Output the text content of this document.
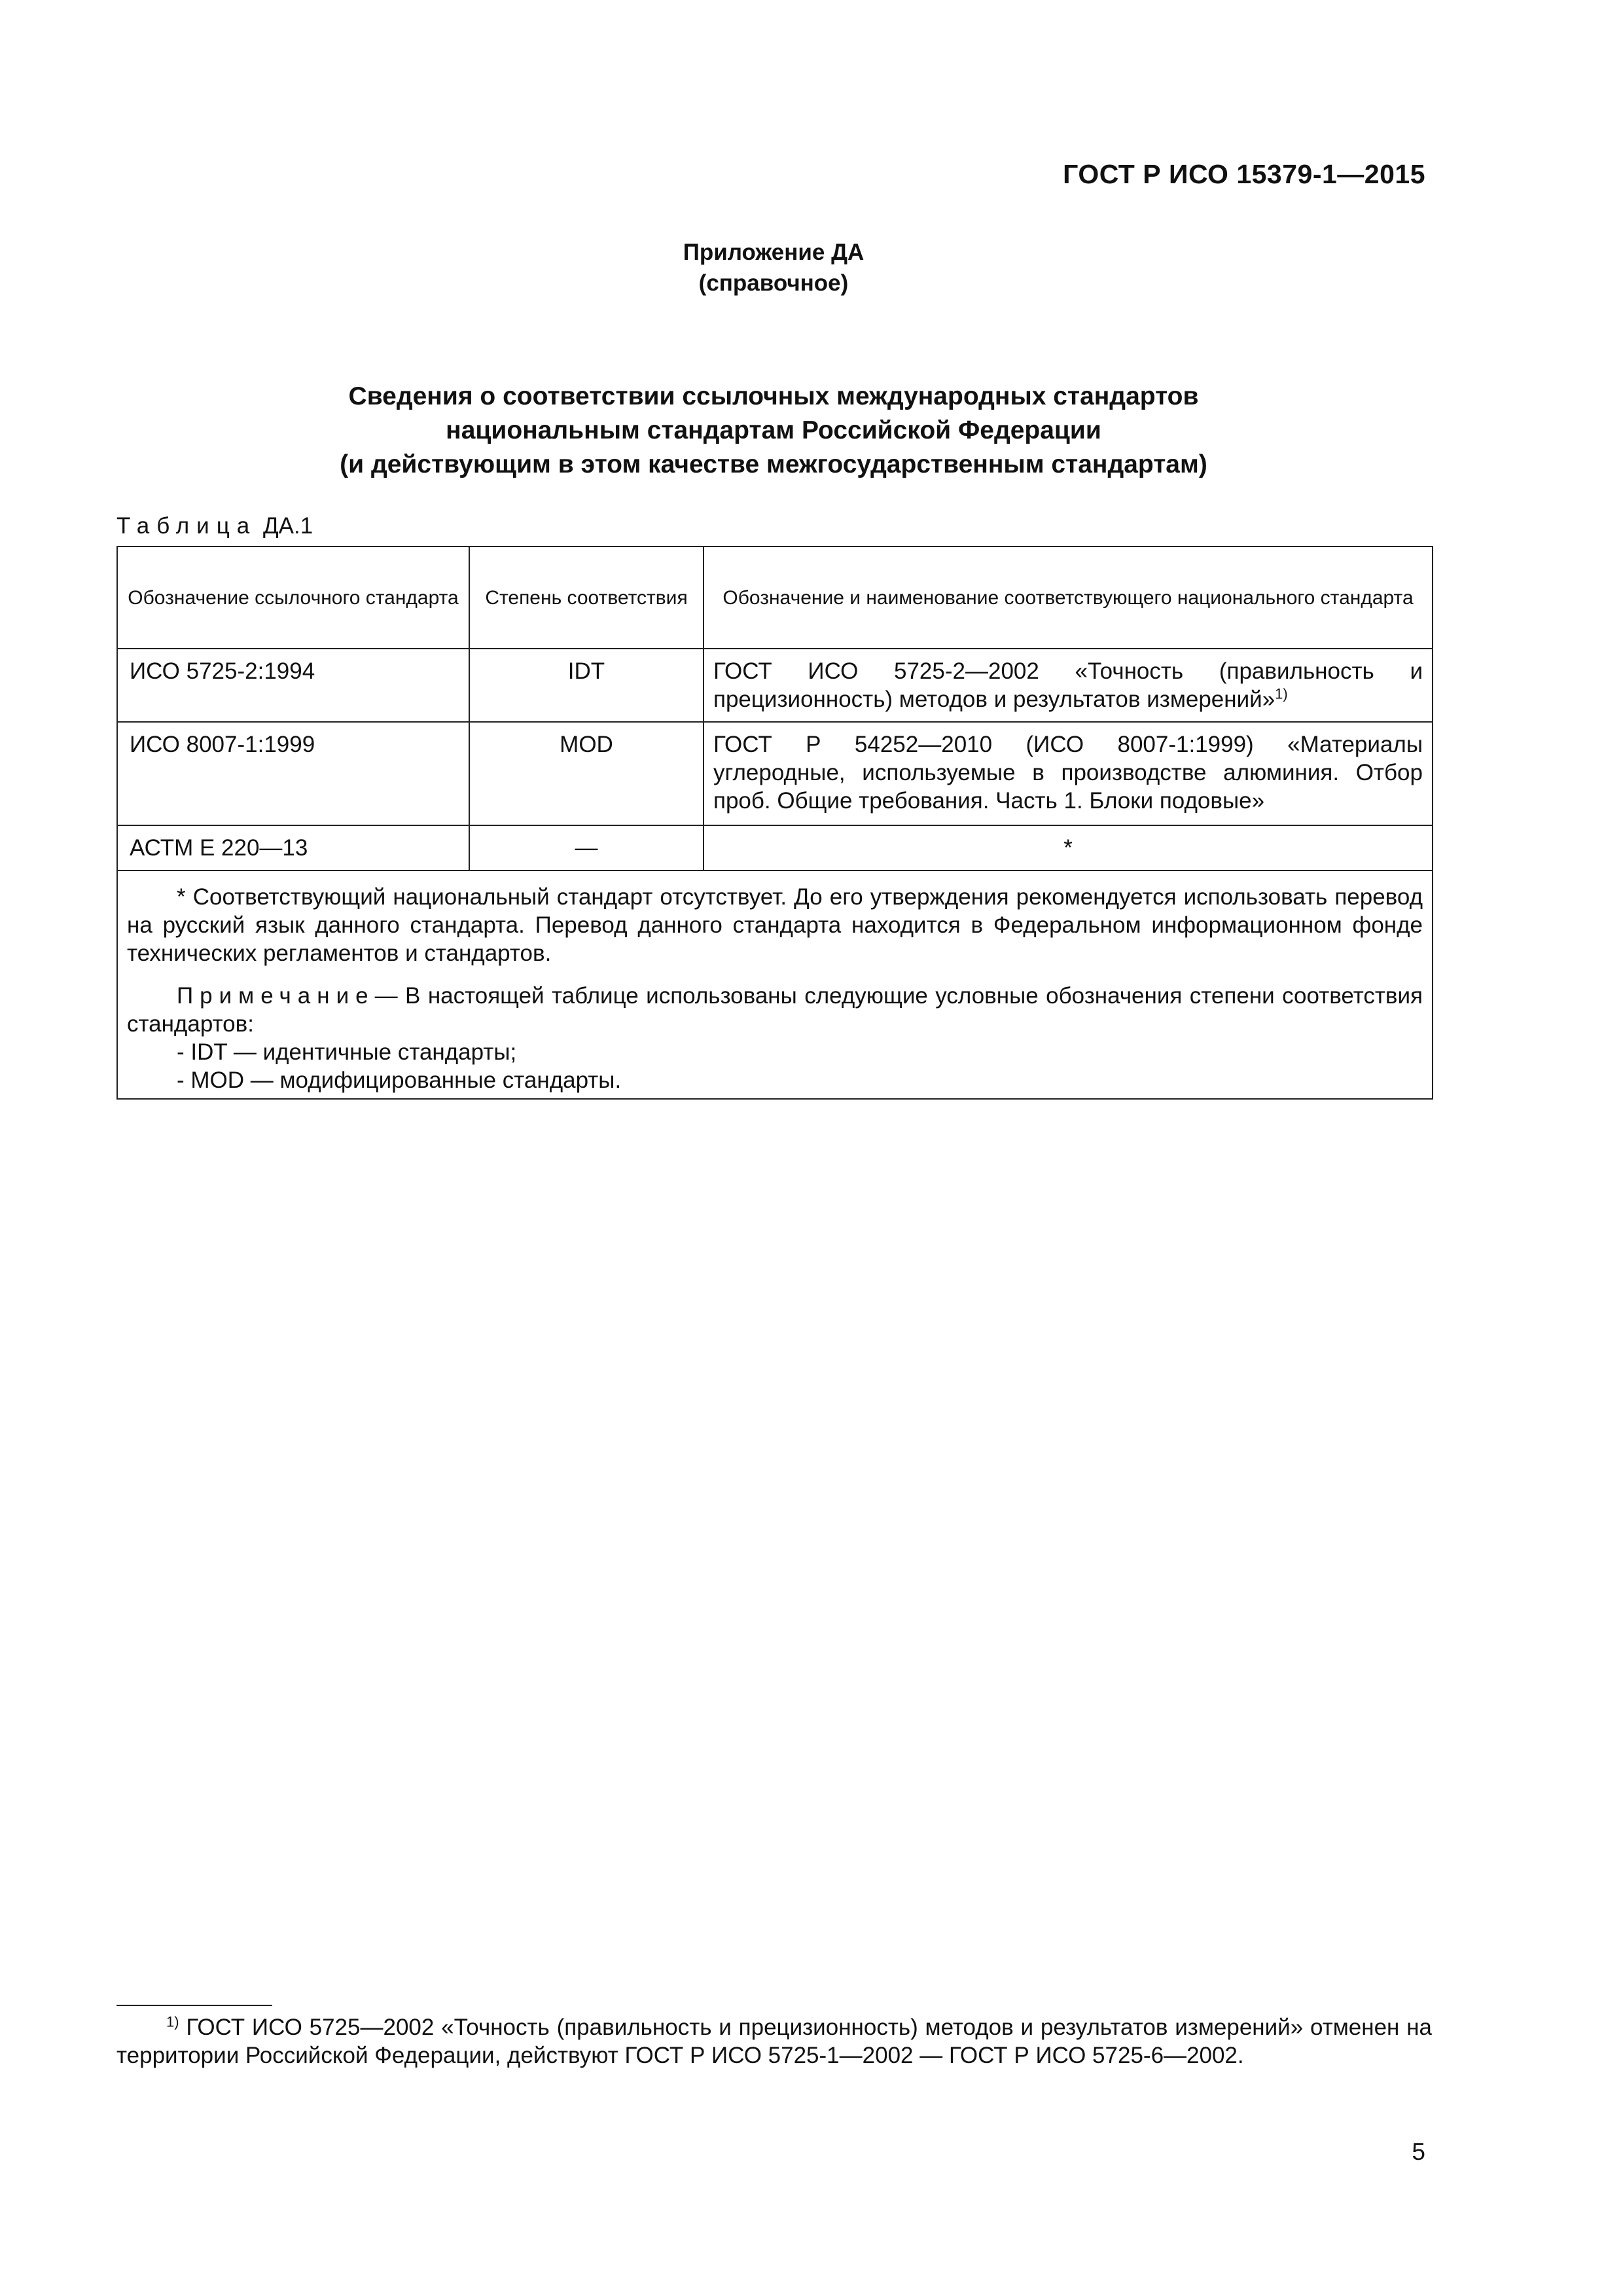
ГОСТ Р ИСО 15379-1—2015
Приложение ДА
(справочное)
Сведения о соответствии ссылочных международных стандартов
национальным стандартам Российской Федерации
(и действующим в этом качестве межгосударственным стандартам)
Таблица ДА.1
Обозначение ссылочного стандарта	Степень соответствия	Обозначение и наименование соответствующего национального стандарта
ИСО 5725-2:1994	IDT	ГОСТ ИСО 5725-2—2002 «Точность (правильность и прецизионность) методов и результатов измерений»$^{1)}$
ИСО 8007-1:1999	MOD	ГОСТ Р 54252—2010 (ИСО 8007-1:1999) «Материалы углеродные, используемые в производстве алюминия. Отбор проб. Общие требования. Часть 1. Блоки подовые»
АСТМ Е 220—13	—	*

* Соответствующий национальный стандарт отсутствует. До его утверждения рекомендуется использовать перевод на русский язык данного стандарта. Перевод данного стандарта находится в Федеральном информационном фонде технических регламентов и стандартов.

Примечание— В настоящей таблице использованы следующие условные обозначения степени соответствия стандартов:

- IDT — идентичные стандарты;
- MOD — модифицированные стандарты.		
$^{1)}$ ГОСТ ИСО 5725—2002 «Точность (правильность и прецизионность) методов и результатов измерений» отменен на территории Российской Федерации, действуют ГОСТ Р ИСО 5725-1—2002 — ГОСТ Р ИСО 5725-6—2002.
5
